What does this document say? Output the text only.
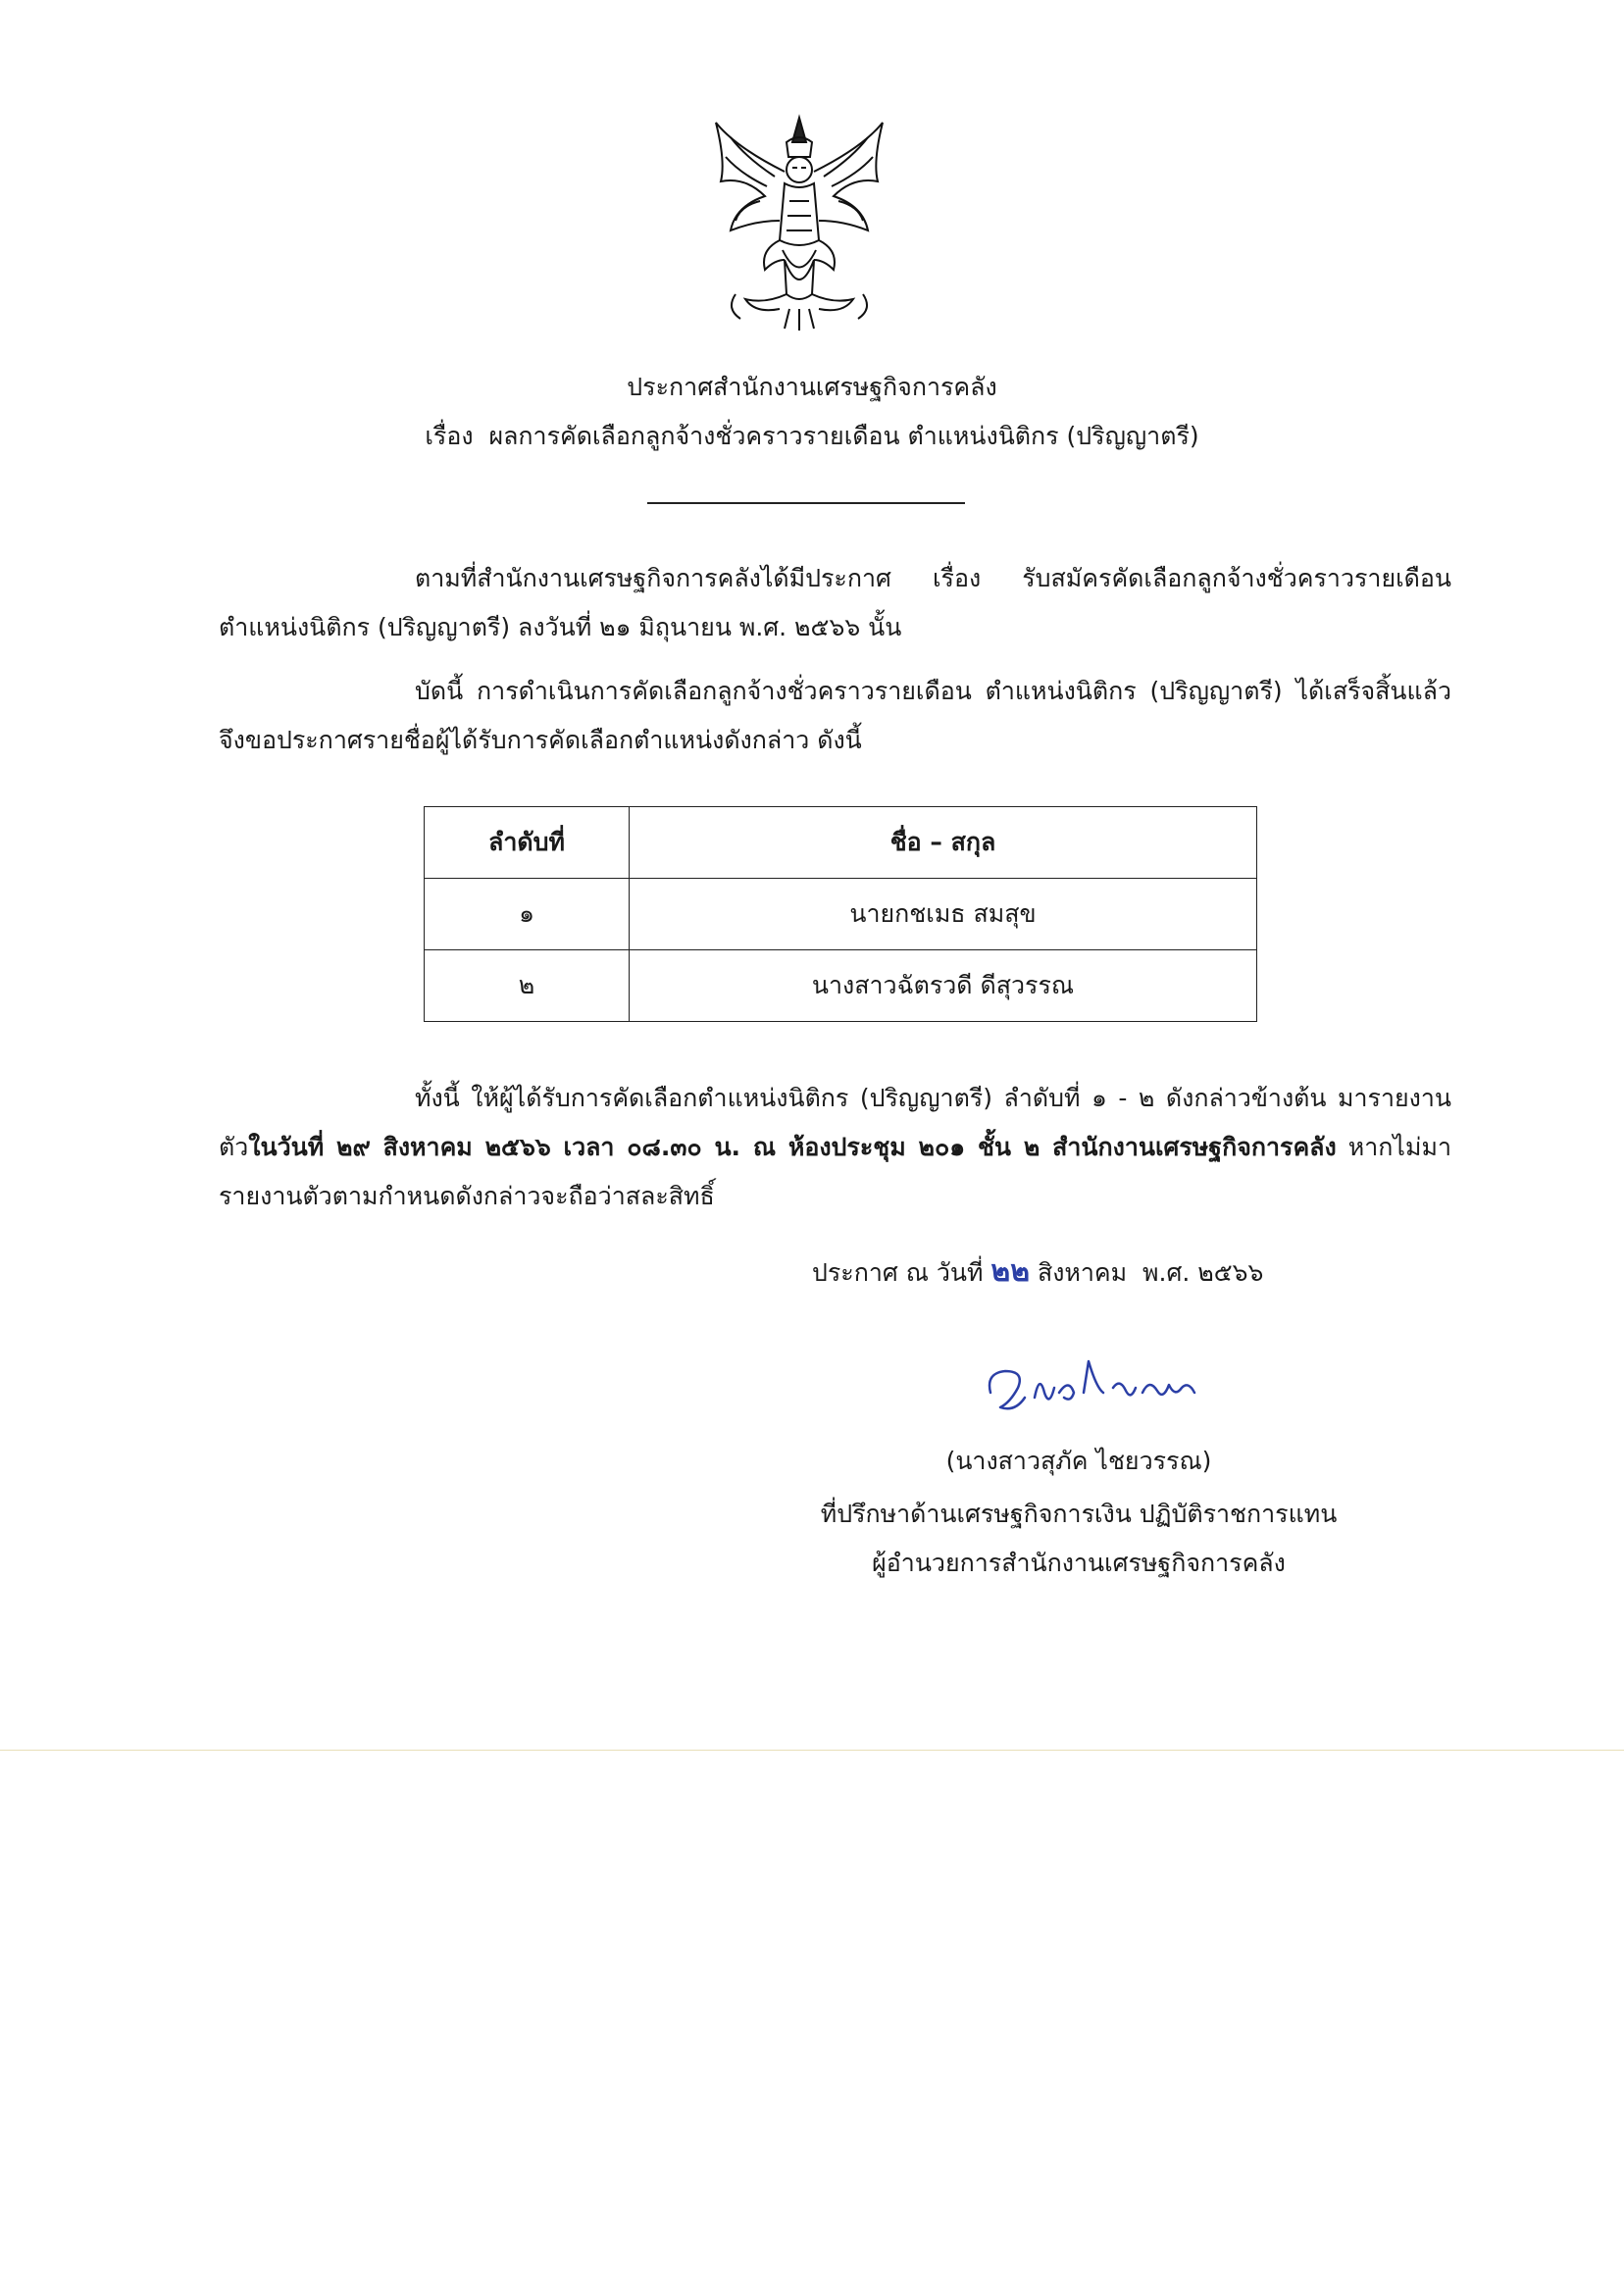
ประกาศสำนักงานเศรษฐกิจการคลัง
เรื่อง ผลการคัดเลือกลูกจ้างชั่วคราวรายเดือน ตำแหน่งนิติกร (ปริญญาตรี)
ตามที่สำนักงานเศรษฐกิจการคลังได้มีประกาศ เรื่อง รับสมัครคัดเลือกลูกจ้างชั่วคราวรายเดือน ตำแหน่งนิติกร (ปริญญาตรี) ลงวันที่ ๒๑ มิถุนายน พ.ศ. ๒๕๖๖ นั้น
บัดนี้ การดำเนินการคัดเลือกลูกจ้างชั่วคราวรายเดือน ตำแหน่งนิติกร (ปริญญาตรี) ได้เสร็จสิ้นแล้ว จึงขอประกาศรายชื่อผู้ได้รับการคัดเลือกตำแหน่งดังกล่าว ดังนี้
ลำดับที่	ชื่อ – สกุล
๑	นายกชเมธ สมสุข
๒	นางสาวฉัตรวดี ดีสุวรรณ
ทั้งนี้ ให้ผู้ได้รับการคัดเลือกตำแหน่งนิติกร (ปริญญาตรี) ลำดับที่ ๑ - ๒ ดังกล่าวข้างต้น มารายงานตัวในวันที่ ๒๙ สิงหาคม ๒๕๖๖ เวลา ๐๘.๓๐ น. ณ ห้องประชุม ๒๐๑ ชั้น ๒ สำนักงานเศรษฐกิจการคลัง หากไม่มารายงานตัวตามกำหนดดังกล่าวจะถือว่าสละสิทธิ์
ประกาศ ณ วันที่ ๒๒ สิงหาคม พ.ศ. ๒๕๖๖
(นางสาวสุภัค ไชยวรรณ)
ที่ปรึกษาด้านเศรษฐกิจการเงิน ปฏิบัติราชการแทน
ผู้อำนวยการสำนักงานเศรษฐกิจการคลัง
